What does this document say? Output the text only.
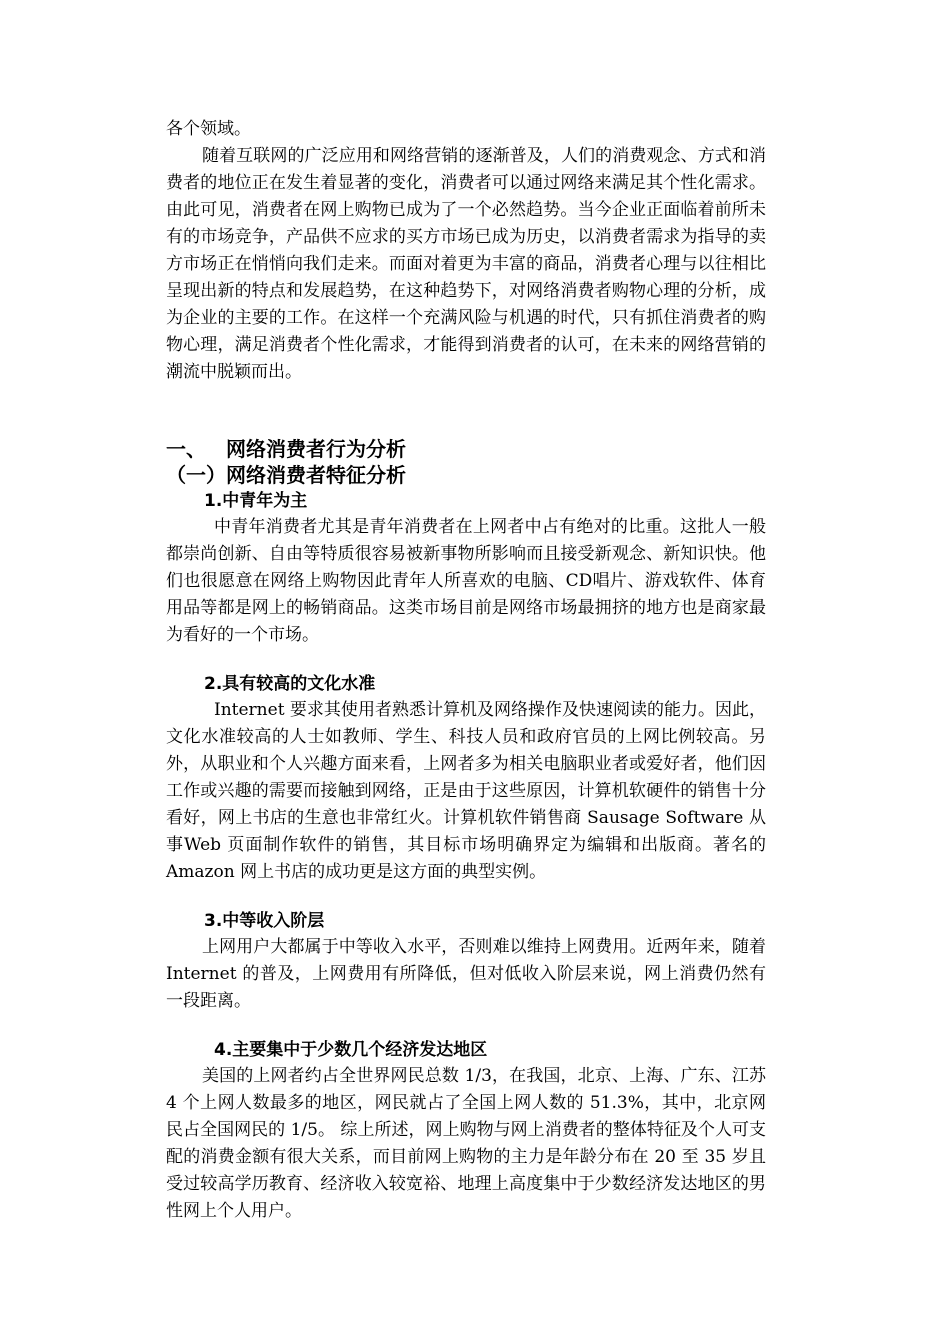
各个领域。

随着互联网的广泛应用和网络营销的逐渐普及，人们的消费观念、方式和消费者的地位正在发生着显著的变化，消费者可以通过网络来满足其个性化需求。由此可见，消费者在网上购物已成为了一个必然趋势。当今企业正面临着前所未有的市场竞争，产品供不应求的买方市场已成为历史，以消费者需求为指导的卖方市场正在悄悄向我们走来。而面对着更为丰富的商品，消费者心理与以往相比呈现出新的特点和发展趋势，在这种趋势下，对网络消费者购物心理的分析，成为企业的主要的工作。在这样一个充满风险与机遇的时代，只有抓住消费者的购物心理，满足消费者个性化需求，才能得到消费者的认可，在未来的网络营销的潮流中脱颖而出。

一、 网络消费者行为分析
（一）网络消费者特征分析
1.中青年为主

中青年消费者尤其是青年消费者在上网者中占有绝对的比重。这批人一般都崇尚创新、自由等特质很容易被新事物所影响而且接受新观念、新知识快。他们也很愿意在网络上购物因此青年人所喜欢的电脑、CD唱片、游戏软件、体育用品等都是网上的畅销商品。这类市场目前是网络市场最拥挤的地方也是商家最为看好的一个市场。

2.具有较高的文化水准

Internet 要求其使用者熟悉计算机及网络操作及快速阅读的能力。因此，文化水准较高的人士如教师、学生、科技人员和政府官员的上网比例较高。另外，从职业和个人兴趣方面来看，上网者多为相关电脑职业者或爱好者，他们因工作或兴趣的需要而接触到网络，正是由于这些原因，计算机软硬件的销售十分看好，网上书店的生意也非常红火。计算机软件销售商 Sausage Software 从事Web 页面制作软件的销售，其目标市场明确界定为编辑和出版商。著名的Amazon 网上书店的成功更是这方面的典型实例。

3.中等收入阶层

上网用户大都属于中等收入水平，否则难以维持上网费用。近两年来，随着 Internet 的普及，上网费用有所降低，但对低收入阶层来说，网上消费仍然有一段距离。

4.主要集中于少数几个经济发达地区

美国的上网者约占全世界网民总数 1/3，在我国，北京、上海、广东、江苏 4 个上网人数最多的地区，网民就占了全国上网人数的 51.3%，其中，北京网民占全国网民的 1/5。 综上所述，网上购物与网上消费者的整体特征及个人可支配的消费金额有很大关系，而目前网上购物的主力是年龄分布在 20 至 35 岁且受过较高学历教育、经济收入较宽裕、地理上高度集中于少数经济发达地区的男性网上个人用户。
